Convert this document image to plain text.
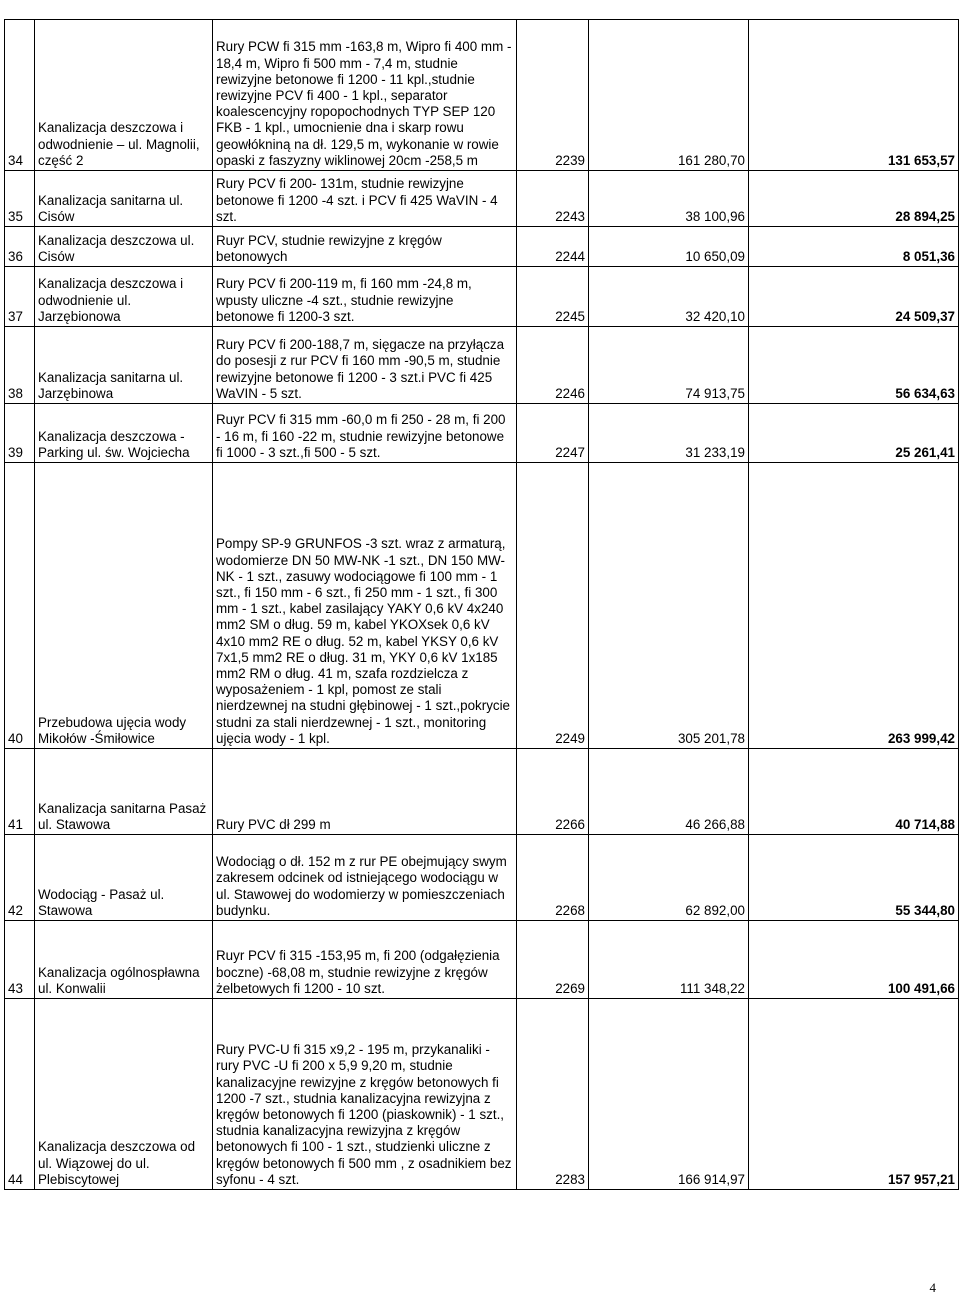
34	Kanalizacja deszczowa i odwodnienie – ul. Magnolii, część 2	Rury PCW fi 315 mm -163,8 m, Wipro fi 400 mm - 18,4 m, Wipro fi 500 mm - 7,4 m, studnie rewizyjne betonowe fi 1200 - 11 kpl.,studnie rewizyjne PCV fi 400 - 1 kpl., separator koalescencyjny ropopochodnych TYP SEP 120 FKB - 1 kpl., umocnienie dna i skarp rowu geowłókniną na dł. 129,5 m, wykonanie w rowie opaski z faszyzny wiklinowej 20cm -258,5 m	2239	161 280,70	131 653,57
35	Kanalizacja sanitarna ul. Cisów	Rury PCV fi 200- 131m, studnie rewizyjne betonowe fi 1200 -4 szt. i PCV fi 425 WaVIN - 4 szt.	2243	38 100,96	28 894,25
36	Kanalizacja deszczowa ul. Cisów	Ruyr PCV, studnie rewizyjne z kręgów betonowych	2244	10 650,09	8 051,36
37	Kanalizacja deszczowa i odwodnienie ul. Jarzębionowa	Rury PCV fi 200-119 m, fi 160 mm -24,8 m, wpusty uliczne -4 szt., studnie rewizyjne betonowe fi 1200-3 szt.	2245	32 420,10	24 509,37
38	Kanalizacja sanitarna ul. Jarzębinowa	Rury PCV fi 200-188,7 m, sięgacze na przyłącza do posesji z rur PCV fi 160 mm -90,5 m, studnie rewizyjne betonowe fi 1200 - 3 szt.i PVC fi 425 WaVIN - 5 szt.	2246	74 913,75	56 634,63
39	Kanalizacja deszczowa -Parking ul. św. Wojciecha	Ruyr PCV fi 315 mm -60,0 m fi 250 - 28 m, fi 200 - 16 m, fi 160 -22 m, studnie rewizyjne betonowe fi 1000 - 3 szt.,fi 500 - 5 szt.	2247	31 233,19	25 261,41
40	Przebudowa ujęcia wody Mikołów -Śmiłowice	Pompy SP-9 GRUNFOS -3 szt. wraz z armaturą, wodomierze DN 50 MW-NK -1 szt., DN 150 MW-NK - 1 szt., zasuwy wodociągowe fi 100 mm - 1 szt., fi 150 mm - 6 szt., fi 250 mm - 1 szt., fi 300 mm - 1 szt., kabel zasilający YAKY 0,6 kV 4x240 mm2 SM o dług. 59 m, kabel YKOXsek 0,6 kV 4x10 mm2 RE o dług. 52 m, kabel YKSY 0,6 kV 7x1,5 mm2 RE o dług. 31 m, YKY 0,6 kV 1x185 mm2 RM o dług. 41 m, szafa rozdzielcza z wyposażeniem - 1 kpl, pomost ze stali nierdzewnej na studni głębinowej - 1 szt.,pokrycie studni za stali nierdzewnej - 1 szt., monitoring ujęcia wody - 1 kpl.	2249	305 201,78	263 999,42
41	Kanalizacja sanitarna Pasaż ul. Stawowa	Rury PVC dł 299 m	2266	46 266,88	40 714,88
42	Wodociąg - Pasaż ul. Stawowa	Wodociąg o dł. 152 m z rur PE obejmujący swym zakresem odcinek od istniejącego wodociągu w ul. Stawowej do wodomierzy w pomieszczeniach budynku.	2268	62 892,00	55 344,80
43	Kanalizacja ogólnospławna ul. Konwalii	Ruyr PCV fi 315 -153,95 m, fi 200 (odgałęzienia boczne) -68,08 m, studnie rewizyjne z kręgów żelbetowych fi 1200 - 10 szt.	2269	111 348,22	100 491,66
44	Kanalizacja deszczowa od ul. Wiązowej do ul. Plebiscytowej	Rury PVC-U fi 315 x9,2 - 195 m, przykanaliki - rury PVC -U fi 200 x 5,9 9,20 m, studnie kanalizacyjne rewizyjne z kręgów betonowych fi 1200 -7 szt., studnia kanalizacyjna rewizyjna z kręgów betonowych fi 1200 (piaskownik) - 1 szt., studnia kanalizacyjna rewizyjna z kręgów betonowych fi 100 - 1 szt., studzienki uliczne z kręgów betonowych fi 500 mm , z osadnikiem bez syfonu - 4 szt.	2283	166 914,97	157 957,21
4
